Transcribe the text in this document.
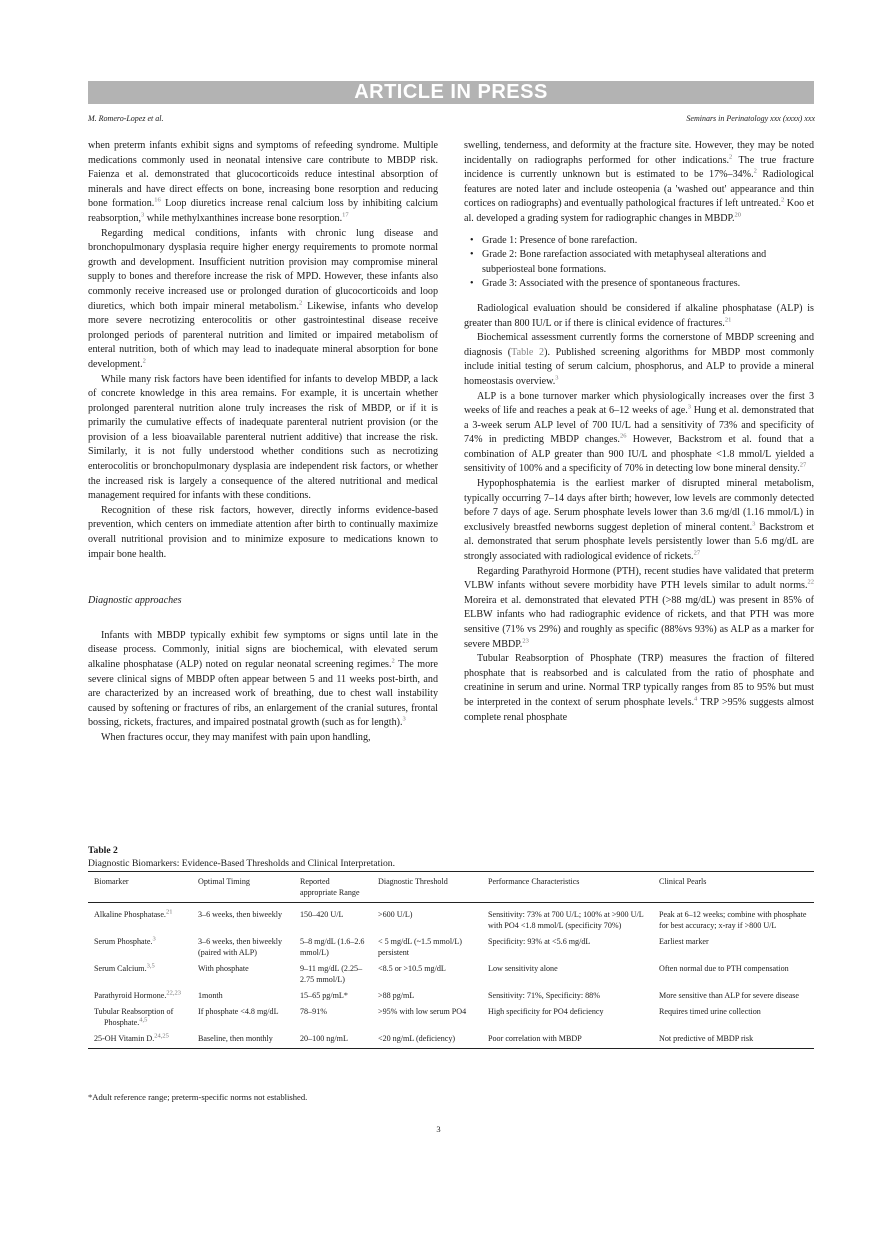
ARTICLE IN PRESS
M. Romero-Lopez et al.	Seminars in Perinatology xxx (xxxx) xxx

when preterm infants exhibit signs and symptoms of refeeding syndrome. Multiple medications commonly used in neonatal intensive care contribute to MBDP risk. Faienza et al. demonstrated that glucocorticoids reduce intestinal absorption of minerals and have direct effects on bone, increasing bone resorption and reducing bone formation.$^{16}$ Loop diuretics increase renal calcium loss by inhibiting calcium reabsorption,$^3$ while methylxanthines increase bone resorption.$^{17}$

Regarding medical conditions, infants with chronic lung disease and bronchopulmonary dysplasia require higher energy requirements to promote normal growth and development. Insufficient nutrition provision may compromise mineral supply to bones and therefore increase the risk of MPD. However, these infants also commonly receive increased use or prolonged duration of glucocorticoids and loop diuretics, which both impair mineral metabolism.$^2$ Likewise, infants who develop more severe necrotizing enterocolitis or other gastrointestinal disease receive prolonged periods of parenteral nutrition and limited or impaired metabolism of enteral nutrition, both of which may lead to inadequate mineral absorption for bone development.$^2$

While many risk factors have been identified for infants to develop MBDP, a lack of concrete knowledge in this area remains. For example, it is uncertain whether prolonged parenteral nutrition alone truly increases the risk of MBDP, or if it is primarily the cumulative effects of inadequate parenteral nutrient provision (or the provision of a less bioavailable parenteral nutrient additive) that increase the risk. Similarly, it is not fully understood whether conditions such as necrotizing enterocolitis or bronchopulmonary dysplasia are independent risk factors, or whether the increased risk is largely a consequence of the altered nutritional and medical management required for infants with these conditions.

Recognition of these risk factors, however, directly informs evidence-based prevention, which centers on immediate attention after birth to continually maximize overall nutritional provision and to minimize exposure to medications known to impair bone health.

Diagnostic approaches

Infants with MBDP typically exhibit few symptoms or signs until late in the disease process. Commonly, initial signs are biochemical, with elevated serum alkaline phosphatase (ALP) noted on regular neonatal screening regimes.$^2$ The more severe clinical signs of MBDP often appear between 5 and 11 weeks post-birth, and are characterized by an increased work of breathing, due to chest wall instability caused by softening or fractures of ribs, an enlargement of the cranial sutures, frontal bossing, rickets, fractures, and impaired postnatal growth (such as for length).$^3$

When fractures occur, they may manifest with pain upon handling,

swelling, tenderness, and deformity at the fracture site. However, they may be noted incidentally on radiographs performed for other indications.$^2$ The true fracture incidence is currently unknown but is estimated to be 17%–34%.$^2$ Radiological features are noted later and include osteopenia (a 'washed out' appearance and thin cortices on radiographs) and eventually pathological fractures if left untreated.$^2$ Koo et al. developed a grading system for radiographic changes in MBDP.$^{20}$

• Grade 1: Presence of bone rarefaction.
• Grade 2: Bone rarefaction associated with metaphyseal alterations and subperiosteal bone formations.
• Grade 3: Associated with the presence of spontaneous fractures.

Radiological evaluation should be considered if alkaline phosphatase (ALP) is greater than 800 IU/L or if there is clinical evidence of fractures.$^{21}$

Biochemical assessment currently forms the cornerstone of MBDP screening and diagnosis (Table 2). Published screening algorithms for MBDP most commonly include initial testing of serum calcium, phosphorus, and ALP to provide a mineral homeostasis overview.$^3$

ALP is a bone turnover marker which physiologically increases over the first 3 weeks of life and reaches a peak at 6–12 weeks of age.$^3$ Hung et al. demonstrated that a 3-week serum ALP level of 700 IU/L had a sensitivity of 73% and specificity of 74% in predicting MBDP changes.$^{26}$ However, Backstrom et al. found that a combination of ALP greater than 900 IU/L and phosphate <1.8 mmol/L yielded a sensitivity of 100% and a specificity of 70% in detecting low bone mineral density.$^{27}$

Hypophosphatemia is the earliest marker of disrupted mineral metabolism, typically occurring 7–14 days after birth; however, low levels are commonly detected before 7 days of age. Serum phosphate levels lower than 3.6 mg/dl (1.16 mmol/L) in exclusively breastfed newborns suggest depletion of mineral content.$^3$ Backstrom et al. demonstrated that serum phosphate levels persistently lower than 5.6 mg/dL are strongly associated with radiological evidence of rickets.$^{27}$

Regarding Parathyroid Hormone (PTH), recent studies have validated that preterm VLBW infants without severe morbidity have PTH levels similar to adult norms.$^{22}$ Moreira et al. demonstrated that elevated PTH (>88 mg/dL) was present in 85% of ELBW infants who had radiographic evidence of rickets, and that PTH was more sensitive (71% vs 29%) and roughly as specific (88%vs 93%) as ALP as a marker for severe MBDP.$^{23}$

Tubular Reabsorption of Phosphate (TRP) measures the fraction of filtered phosphate that is reabsorbed and is calculated from the ratio of phosphate and creatinine in serum and urine. Normal TRP typically ranges from 85 to 95% but must be interpreted in the context of serum phosphate levels.$^4$ TRP >95% suggests almost complete renal phosphate

Table 2
Diagnostic Biomarkers: Evidence-Based Thresholds and Clinical Interpretation.
Biomarker	Optimal Timing	Reported appropriate Range	Diagnostic Threshold	Performance Characteristics	Clinical Pearls

Alkaline Phosphatase.$^{21}$	3–6 weeks, then biweekly	150–420 U/L	>600 U/L)	Sensitivity: 73% at 700 U/L; 100% at >900 U/L with PO4 <1.8 mmol/L (specificity 70%)	Peak at 6–12 weeks; combine with phosphate for best accuracy; x-ray if >800 U/L

Serum Phosphate.$^3$	3–6 weeks, then biweekly (paired with ALP)	5–8 mg/dL (1.6–2.6 mmol/L)	< 5 mg/dL (~1.5 mmol/L) persistent	Specificity: 93% at <5.6 mg/dL	Earliest marker

Serum Calcium.$^{3,5}$	With phosphate	9–11 mg/dL (2.25–2.75 mmol/L)	<8.5 or >10.5 mg/dL	Low sensitivity alone	Often normal due to PTH compensation

Parathyroid Hormone.$^{22,23}$	1month	15–65 pg/mL*	>88 pg/mL	Sensitivity: 71%, Specificity: 88%	More sensitive than ALP for severe disease

Tubular Reabsorption of Phosphate.$^{4,5}$	If phosphate <4.8 mg/dL	78–91%	>95% with low serum PO4	High specificity for PO4 deficiency	Requires timed urine collection

25-OH Vitamin D.$^{24,25}$	Baseline, then monthly	20–100 ng/mL	<20 ng/mL (deficiency)	Poor correlation with MBDP	Not predictive of MBDP risk
*Adult reference range; preterm-specific norms not established.
3
